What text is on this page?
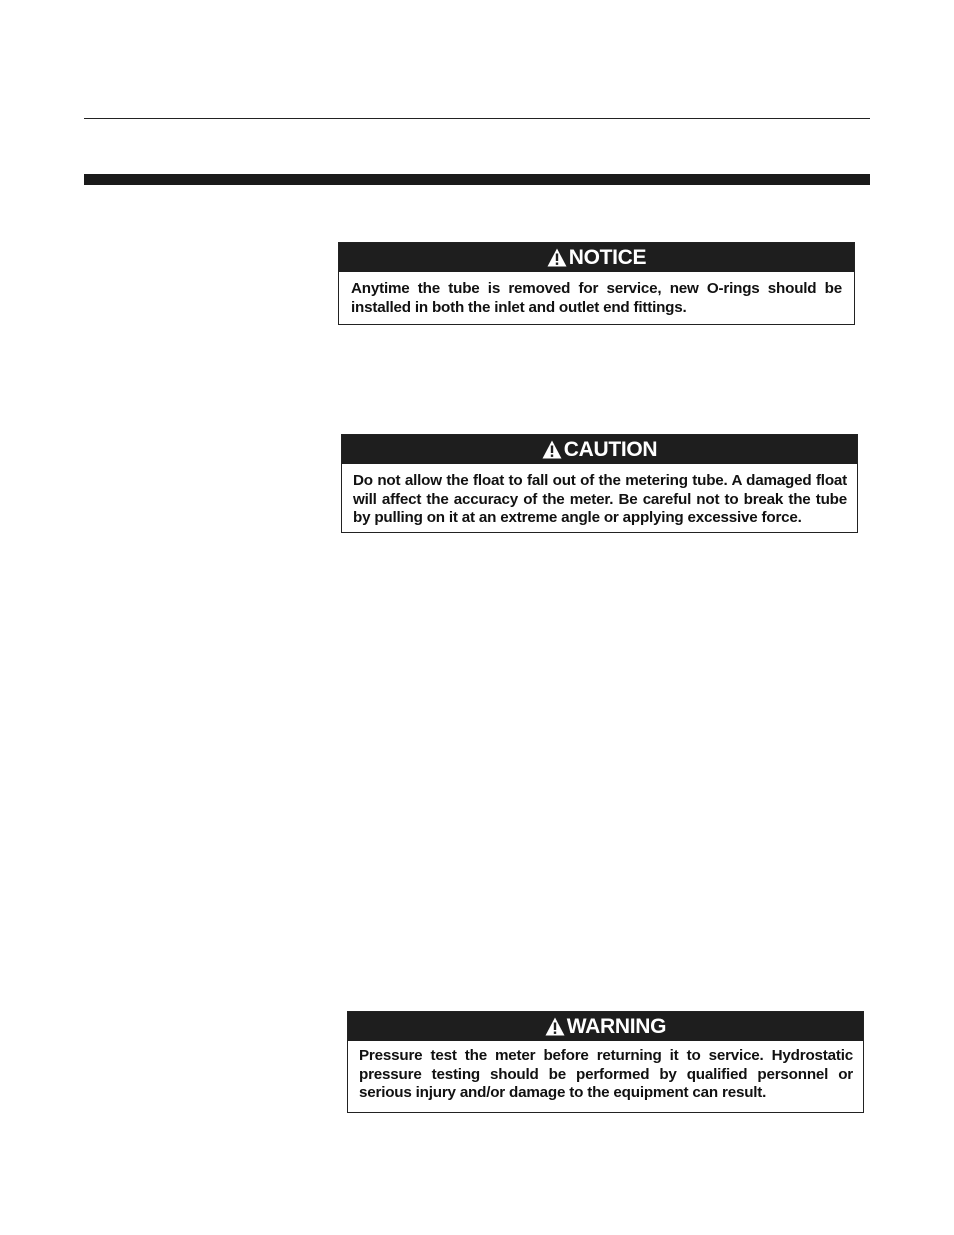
NOTICE
Anytime the tube is removed for service, new O-rings should be installed in both the inlet and outlet end fittings.
CAUTION
Do not allow the float to fall out of the metering tube. A damaged float will affect the accuracy of the meter. Be careful not to break the tube by pulling on it at an extreme angle or applying excessive force.
WARNING
Pressure test the meter before returning it to service. Hydrostatic pressure testing should be performed by qualified personnel or serious injury and/or damage to the equipment can result.
